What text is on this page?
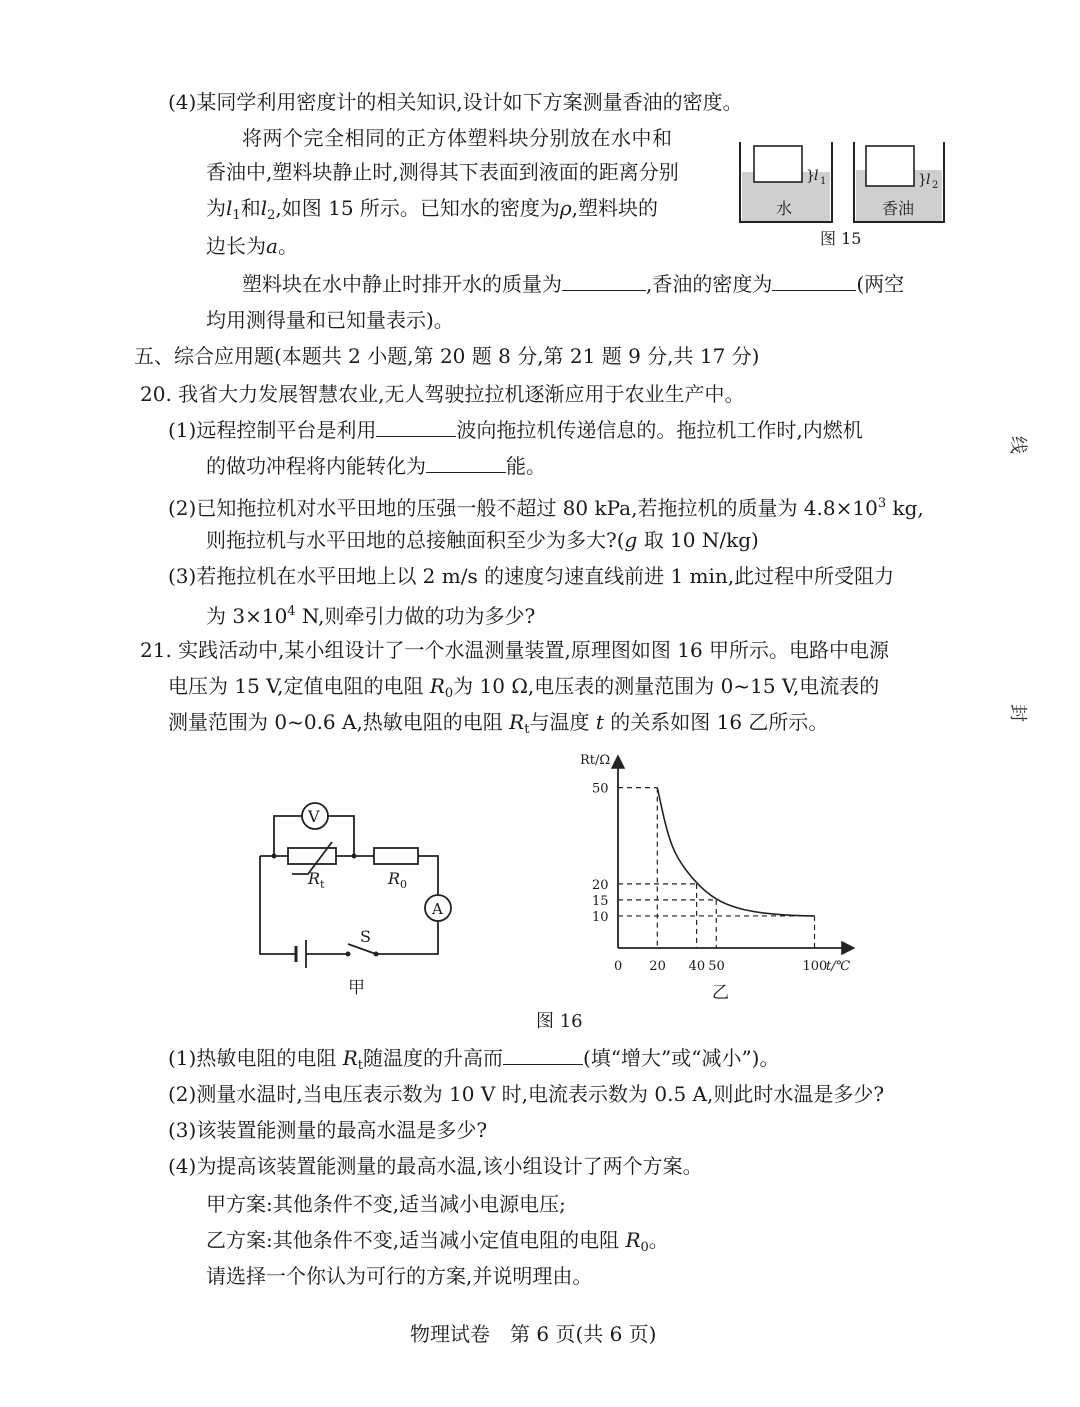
(4)某同学利用密度计的相关知识,设计如下方案测量香油的密度。
将两个完全相同的正方体塑料块分别放在水中和
香油中,塑料块静止时,测得其下表面到液面的距离分别
为$l_1$和$l_2$,如图 15 所示。已知水的密度为ρ,塑料块的
边长为a。
} l 1
水
} l 2
香油
图 15
塑料块在水中静止时排开水的质量为	,香油的密度为	(两空
均用测得量和已知量表示)。
五、综合应用题(本题共 2 小题,第 20 题 8 分,第 21 题 9 分,共 17 分)
20. 我省大力发展智慧农业,无人驾驶拉拉机逐渐应用于农业生产中。
(1)远程控制平台是利用	波向拖拉机传递信息的。拖拉机工作时,内燃机
的做功冲程将内能转化为	能。
(2)已知拖拉机对水平田地的压强一般不超过 80 kPa,若拖拉机的质量为 $4.8\times 10^3$ kg,
则拖拉机与水平田地的总接触面积至少为多大?(g 取 10 N/kg)
(3)若拖拉机在水平田地上以 2 m/s 的速度匀速直线前进 1 min,此过程中所受阻力
为 $3\times 10^4$ N,则牵引力做的功为多少?
21. 实践活动中,某小组设计了一个水温测量装置,原理图如图 16 甲所示。电路中电源
电压为 15 V,定值电阻的电阻 $R_0$为 10 Ω,电压表的测量范围为 0~15 V,电流表的
测量范围为 0~0.6 A,热敏电阻的电阻 $R_t$与温度 t 的关系如图 16 乙所示。
V
A
S
R t	R 0
甲
0 20 40 50	100
10
15
20
50
Rt/Ω
t/℃
乙
图 16
(1)热敏电阻的电阻 $R_t$随温度的升高而	(填“增大”或“减小”)。
(2)测量水温时,当电压表示数为 10 V 时,电流表示数为 0.5 A,则此时水温是多少?
(3)该装置能测量的最高水温是多少?
(4)为提高该装置能测量的最高水温,该小组设计了两个方案。
甲方案:其他条件不变,适当减小电源电压;
乙方案:其他条件不变,适当减小定值电阻的电阻 $R_0$。
请选择一个你认为可行的方案,并说明理由。
物理试卷　第 6 页(共 6 页)
线
封
